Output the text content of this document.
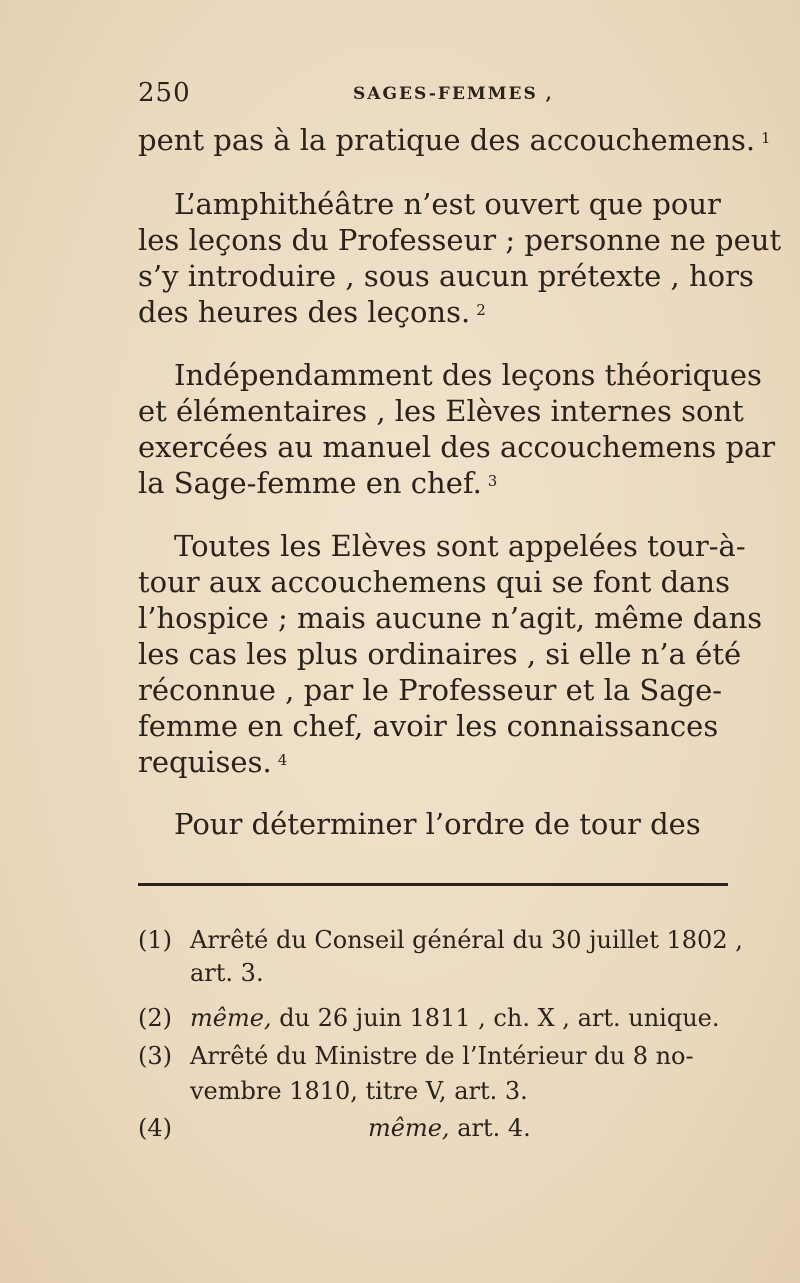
250	SAGES-FEMMES ,
pent pas à la pratique des accouchemens. $^1$
L’amphithéâtre n’est ouvert que pour
les leçons du Professeur ; personne ne peut
s’y introduire , sous aucun prétexte , hors
des heures des leçons. $^2$
Indépendamment des leçons théoriques
et élémentaires , les Elèves internes sont
exercées au manuel des accouchemens par
la Sage-femme en chef. $^3$
Toutes les Elèves sont appelées tour-à-
tour aux accouchemens qui se font dans
l’hospice ; mais aucune n’agit, même dans
les cas les plus ordinaires , si elle n’a été
réconnue , par le Professeur et la Sage-
femme en chef, avoir les connaissances
requises. $^4$
Pour déterminer l’ordre de tour des
(1) Arrêté du Conseil général du 30 juillet 1802 ,
art. 3.
(2) même, du 26 juin 1811 , ch. X , art. unique.
(3) Arrêté du Ministre de l’Intérieur du 8 no-
vembre 1810, titre V, art. 3.
(4)	même, art. 4.
